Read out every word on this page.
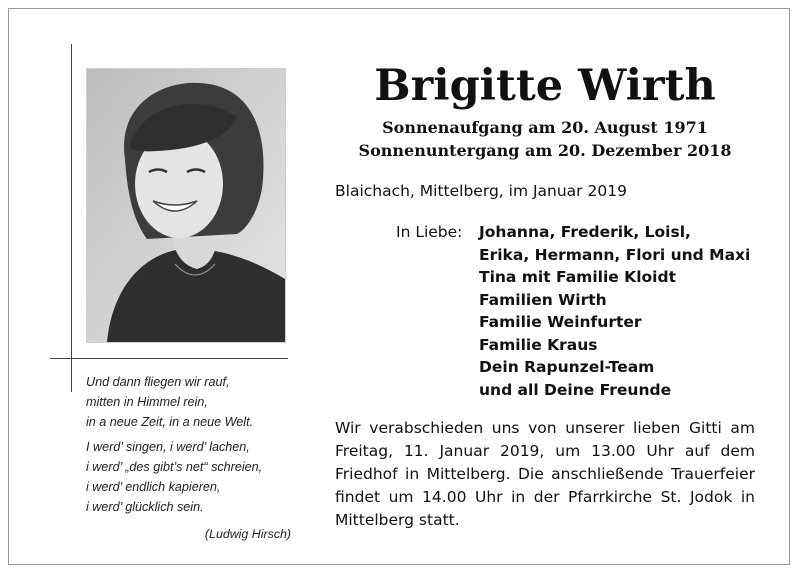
Und dann fliegen wir rauf,
mitten in Himmel rein,
in a neue Zeit, in a neue Welt.
I werd’ singen, i werd’ lachen,
i werd’ „des gibt’s net“ schreien,
i werd’ endlich kapieren,
i werd’ glücklich sein.
(Ludwig Hirsch)
Brigitte Wirth
Sonnenaufgang am 20. August 1971
Sonnenuntergang am 20. Dezember 2018
Blaichach, Mittelberg, im Januar 2019
In Liebe: Johanna, Frederik, Loisl,
Erika, Hermann, Flori und Maxi
Tina mit Familie Kloidt
Familien Wirth
Familie Weinfurter
Familie Kraus
Dein Rapunzel-Team
und all Deine Freunde
Wir verabschieden uns von unserer lieben Gitti am Freitag, 11. Januar 2019, um 13.00 Uhr auf dem Friedhof in Mittelberg. Die anschließende Trauerfeier findet um 14.00 Uhr in der Pfarrkirche St. Jodok in Mittelberg statt.
